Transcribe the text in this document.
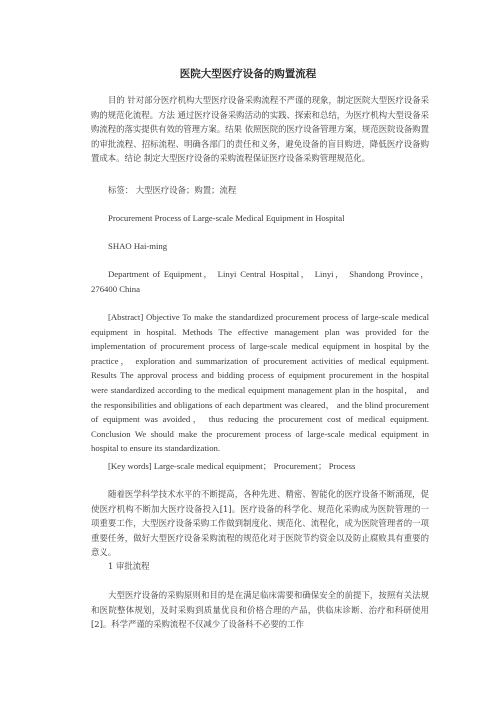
医院大型医疗设备的购置流程
目的 针对部分医疗机构大型医疗设备采购流程不严谨的现象，制定医院大型医疗设备采购的规范化流程。方法 通过医疗设备采购活动的实践、探索和总结，为医疗机构大型设备采购流程的落实提供有效的管理方案。结果 依照医院的医疗设备管理方案，规范医院设备购置的审批流程、招标流程、明确各部门的责任和义务，避免设备的盲目购进，降低医疗设备购置成本。结论 制定大型医疗设备的采购流程保证医疗设备采购管理规范化。
标签： 大型医疗设备；购置；流程
Procurement Process of Large-scale Medical Equipment in Hospital
SHAO Hai-ming
Department of Equipment， Linyi Central Hospital， Linyi， Shandong Province， 276400 China
[Abstract] Objective To make the standardized procurement process of large-scale medical equipment in hospital. Methods The effective management plan was provided for the implementation of procurement process of large-scale medical equipment in hospital by the practice， exploration and summarization of procurement activities of medical equipment. Results The approval process and bidding process of equipment procurement in the hospital were standardized according to the medical equipment management plan in the hospital， and the responsibilities and obligations of each department was cleared， and the blind procurement of equipment was avoided， thus reducing the procurement cost of medical equipment. Conclusion We should make the procurement process of large-scale medical equipment in hospital to ensure its standardization.
[Key words] Large-scale medical equipment； Procurement； Process
随着医学科学技术水平的不断提高，各种先进、精密、智能化的医疗设备不断涌现，促使医疗机构不断加大医疗设备投入[1]。医疗设备的科学化、规范化采购成为医院管理的一项重要工作，大型医疗设备采购工作做到制度化、规范化、流程化，成为医院管理者的一项重要任务，做好大型医疗设备采购流程的规范化对于医院节约资金以及防止腐败具有重要的意义。
1 审批流程
大型医疗设备的采购原则和目的是在满足临床需要和确保安全的前提下，按照有关法规和医院整体规划，及时采购到质量优良和价格合理的产品，供临床诊断、治疗和科研使用[2]。科学严谨的采购流程不仅减少了设备科不必要的工作
